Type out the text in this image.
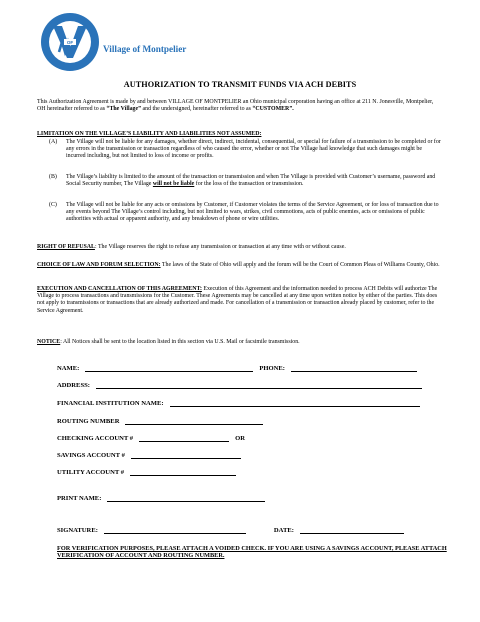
OF
Village of Montpelier
AUTHORIZATION TO TRANSMIT FUNDS VIA ACH DEBITS
This Authorization Agreement is made by and between VILLAGE OF MONTPELIER an Ohio municipal corporation having an office at 211 N. Jonesville, Montpelier, OH hereinafter referred to as “The Village” and the undersigned, hereinafter referred to as “CUSTOMER”.
LIMITATION ON THE VILLAGE’S LIABILITY AND LIABILITIES NOT ASSUMED:
(A)	The Village will not be liable for any damages, whether direct, indirect, incidental, consequential, or special for failure of a transmission to be completed or for any errors in the transmission or transaction regardless of who caused the error, whether or not The Village had knowledge that such damages might be incurred including, but not limited to loss of income or profits.
(B)	The Village’s liability is limited to the amount of the transaction or transmission and when The Village is provided with Customer’s username, password and Social Security number, The Village will not be liable for the loss of the transaction or transmission.
(C)	The Village will not be liable for any acts or omissions by Customer, if Customer violates the terms of the Service Agreement, or for loss of transaction due to any events beyond The Village’s control including, but not limited to wars, strikes, civil commotions, acts of public enemies, acts or omissions of public authorities with actual or apparent authority, and any breakdown of phone or wire utilities.
RIGHT OF REFUSAL: The Village reserves the right to refuse any transmission or transaction at any time with or without cause.
CHOICE OF LAW AND FORUM SELECTION: The laws of the State of Ohio will apply and the forum will be the Court of Common Pleas of Williams County, Ohio.
EXECUTION AND CANCELLATION OF THIS AGREEMENT: Execution of this Agreement and the information needed to process ACH Debits will authorize The Village to process transactions and transmissions for the Customer. These Agreements may be cancelled at any time upon written notice by either of the parties. This does not apply to transmissions or transactions that are already authorized and made. For cancellation of a transmission or transaction already placed by customer, refer to the Service Agreement.
NOTICE: All Notices shall be sent to the location listed in this section via U.S. Mail or facsimile transmission.
NAME:	PHONE:
ADDRESS:
FINANCIAL INSTITUTION NAME:
ROUTING NUMBER
CHECKING ACCOUNT #	OR
SAVINGS ACCOUNT #
UTILITY ACCOUNT #
PRINT NAME:
SIGNATURE:	DATE:
FOR VERIFICATION PURPOSES, PLEASE ATTACH A VOIDED CHECK. IF YOU ARE USING A SAVINGS ACCOUNT, PLEASE ATTACH VERIFICATION OF ACCOUNT AND ROUTING NUMBER.
